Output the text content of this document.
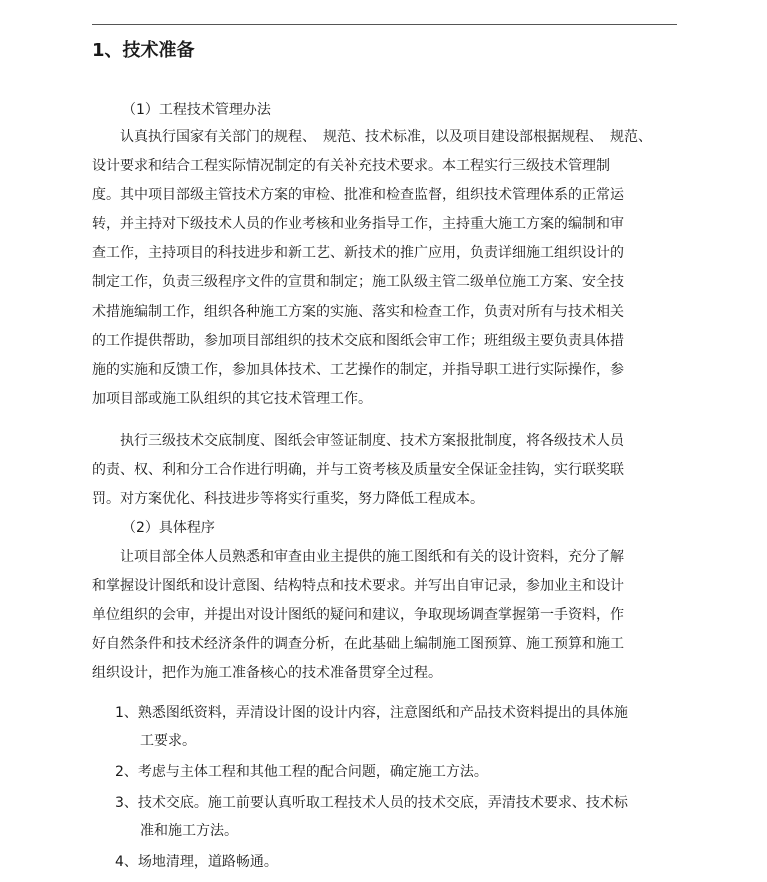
1、技术准备

（1）工程技术管理办法

认真执行国家有关部门的规程、　规范、技术标准，以及项目建设部根据规程、　规范、
设计要求和结合工程实际情况制定的有关补充技术要求。本工程实行三级技术管理制
度。其中项目部级主管技术方案的审检、批准和检查监督，组织技术管理体系的正常运
转，并主持对下级技术人员的作业考核和业务指导工作，主持重大施工方案的编制和审
查工作，主持项目的科技进步和新工艺、新技术的推广应用，负责详细施工组织设计的
制定工作，负责三级程序文件的宣贯和制定；施工队级主管二级单位施工方案、安全技
术措施编制工作，组织各种施工方案的实施、落实和检查工作，负责对所有与技术相关
的工作提供帮助，参加项目部组织的技术交底和图纸会审工作；班组级主要负责具体措
施的实施和反馈工作，参加具体技术、工艺操作的制定，并指导职工进行实际操作，参
加项目部或施工队组织的其它技术管理工作。
执行三级技术交底制度、图纸会审签证制度、技术方案报批制度，将各级技术人员
的责、权、利和分工合作进行明确，并与工资考核及质量安全保证金挂钩，实行联奖联
罚。对方案优化、科技进步等将实行重奖，努力降低工程成本。

（2）具体程序

让项目部全体人员熟悉和审查由业主提供的施工图纸和有关的设计资料，充分了解
和掌握设计图纸和设计意图、结构特点和技术要求。并写出自审记录，参加业主和设计
单位组织的会审，并提出对设计图纸的疑问和建议，争取现场调查掌握第一手资料，作
好自然条件和技术经济条件的调查分析，在此基础上编制施工图预算、施工预算和施工
组织设计，把作为施工准备核心的技术准备贯穿全过程。

1、熟悉图纸资料，弄清设计图的设计内容，注意图纸和产品技术资料提出的具体施

工要求。

2、考虑与主体工程和其他工程的配合问题，确定施工方法。

3、技术交底。施工前要认真听取工程技术人员的技术交底，弄清技术要求、技术标

准和施工方法。

4、场地清理，道路畅通。
